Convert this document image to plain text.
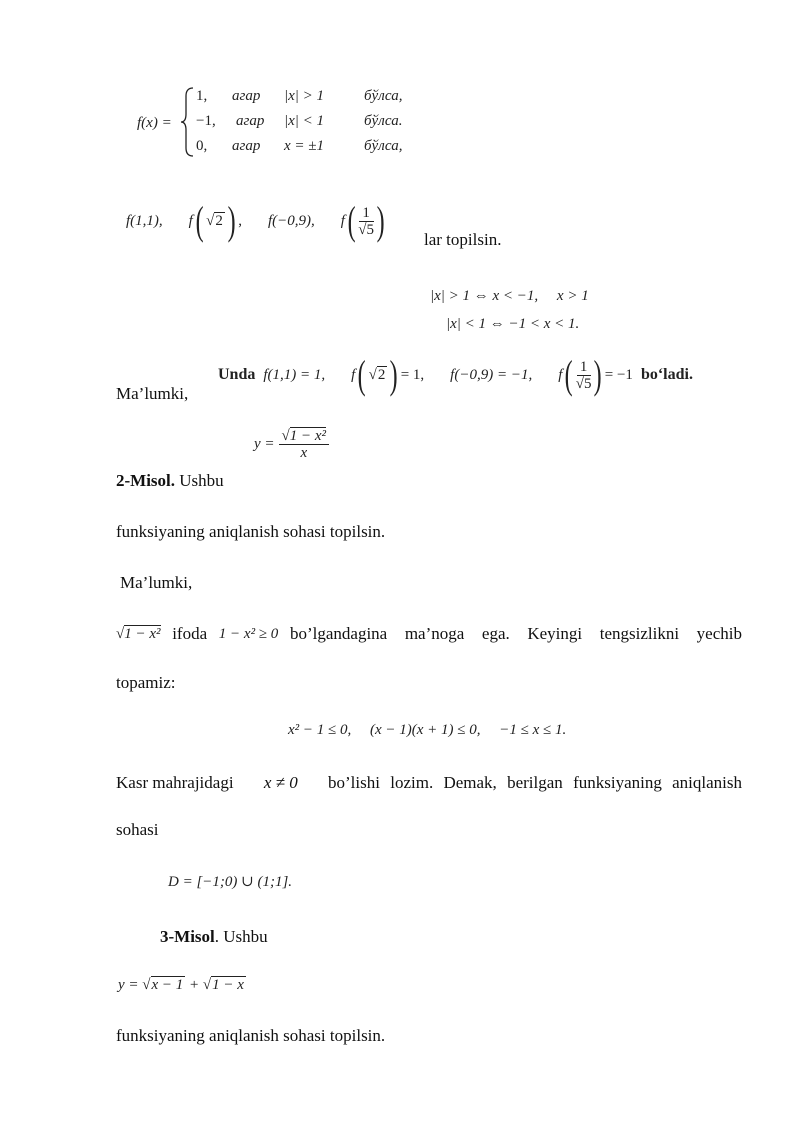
f(x) =
1, агар |x| > 1	бўлса,
−1, агар |x| < 1	бўлса.
0, агар x = ±1	бўлса,
f(1,1), f ( √2 ) , f(−0,9), f ( $\frac{1}{√5}$ ) lar topilsin.
|x| > 1 ⇔ x < −1,     x > 1
|x| < 1 ⇔ −1 < x < 1.
Unda f(1,1) = 1, f ( √2 ) = 1, f(−0,9) = −1, f ( $\frac{1}{√5}$ ) = −1 bo‘ladi.
Ma’lumki,
$y = \frac{\text{√1 − x²}}{x}$
2-Misol. Ushbu
funksiyaning aniqlanish sohasi topilsin.
Ma’lumki,
√1 − x² ifoda 1 − x² ≥ 0 bo’lgandagina ma’noga ega. Keyingi tengsizlikni yechib
topamiz:
x² − 1 ≤ 0,     (x − 1)(x + 1) ≤ 0,     −1 ≤ x ≤ 1.
Kasr mahrajidagi x ≠ 0 bo’lishi lozim. Demak, berilgan funksiyaning aniqlanish
sohasi
D = [−1;0) ∪ (1;1].
3-Misol. Ushbu
y = √x − 1 + √1 − x
funksiyaning aniqlanish sohasi topilsin.
